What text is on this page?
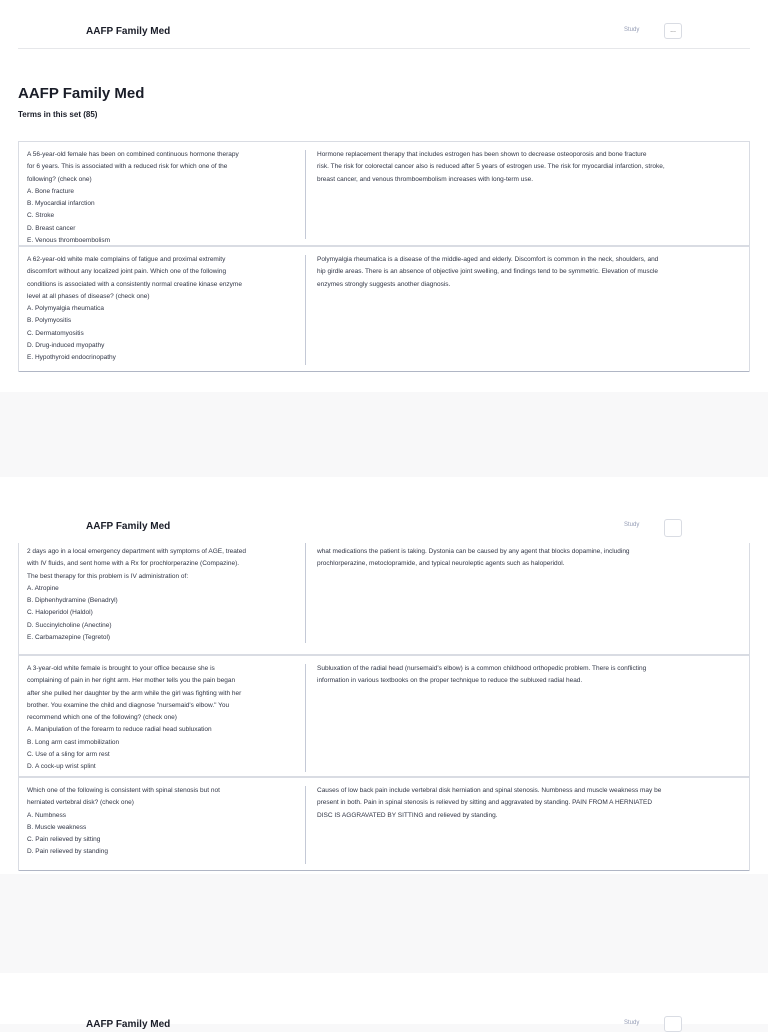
AAFP Family Med	Study	...
AAFP Family Med
Terms in this set (85)
A 56-year-old female has been on combined continuous hormone therapy
for 6 years. This is associated with a reduced risk for which one of the
following? (check one)
A. Bone fracture
B. Myocardial infarction
C. Stroke
D. Breast cancer
E. Venous thromboembolism
Hormone replacement therapy that includes estrogen has been shown to decrease osteoporosis and bone fracture
risk. The risk for colorectal cancer also is reduced after 5 years of estrogen use. The risk for myocardial infarction, stroke,
breast cancer, and venous thromboembolism increases with long-term use.
A 62-year-old white male complains of fatigue and proximal extremity
discomfort without any localized joint pain. Which one of the following
conditions is associated with a consistently normal creatine kinase enzyme
level at all phases of disease? (check one)
A. Polymyalgia rheumatica
B. Polymyositis
C. Dermatomyositis
D. Drug-induced myopathy
E. Hypothyroid endocrinopathy
Polymyalgia rheumatica is a disease of the middle-aged and elderly. Discomfort is common in the neck, shoulders, and
hip girdle areas. There is an absence of objective joint swelling, and findings tend to be symmetric. Elevation of muscle
enzymes strongly suggests another diagnosis.
AAFP Family Med	Study
2 days ago in a local emergency department with symptoms of AGE, treated
with IV fluids, and sent home with a Rx for prochlorperazine (Compazine).
The best therapy for this problem is IV administration of:
A. Atropine
B. Diphenhydramine (Benadryl)
C. Haloperidol (Haldol)
D. Succinylcholine (Anectine)
E. Carbamazepine (Tegretol)
what medications the patient is taking. Dystonia can be caused by any agent that blocks dopamine, including
prochlorperazine, metoclopramide, and typical neuroleptic agents such as haloperidol.
A 3-year-old white female is brought to your office because she is
complaining of pain in her right arm. Her mother tells you the pain began
after she pulled her daughter by the arm while the girl was fighting with her
brother. You examine the child and diagnose "nursemaid's elbow." You
recommend which one of the following? (check one)
A. Manipulation of the forearm to reduce radial head subluxation
B. Long arm cast immobilization
C. Use of a sling for arm rest
D. A cock-up wrist splint
Subluxation of the radial head (nursemaid's elbow) is a common childhood orthopedic problem. There is conflicting
information in various textbooks on the proper technique to reduce the subluxed radial head.
Which one of the following is consistent with spinal stenosis but not
herniated vertebral disk? (check one)
A. Numbness
B. Muscle weakness
C. Pain relieved by sitting
D. Pain relieved by standing
Causes of low back pain include vertebral disk herniation and spinal stenosis. Numbness and muscle weakness may be
present in both. Pain in spinal stenosis is relieved by sitting and aggravated by standing. PAIN FROM A HERNIATED
DISC IS AGGRAVATED BY SITTING and relieved by standing.
AAFP Family Med	Study
